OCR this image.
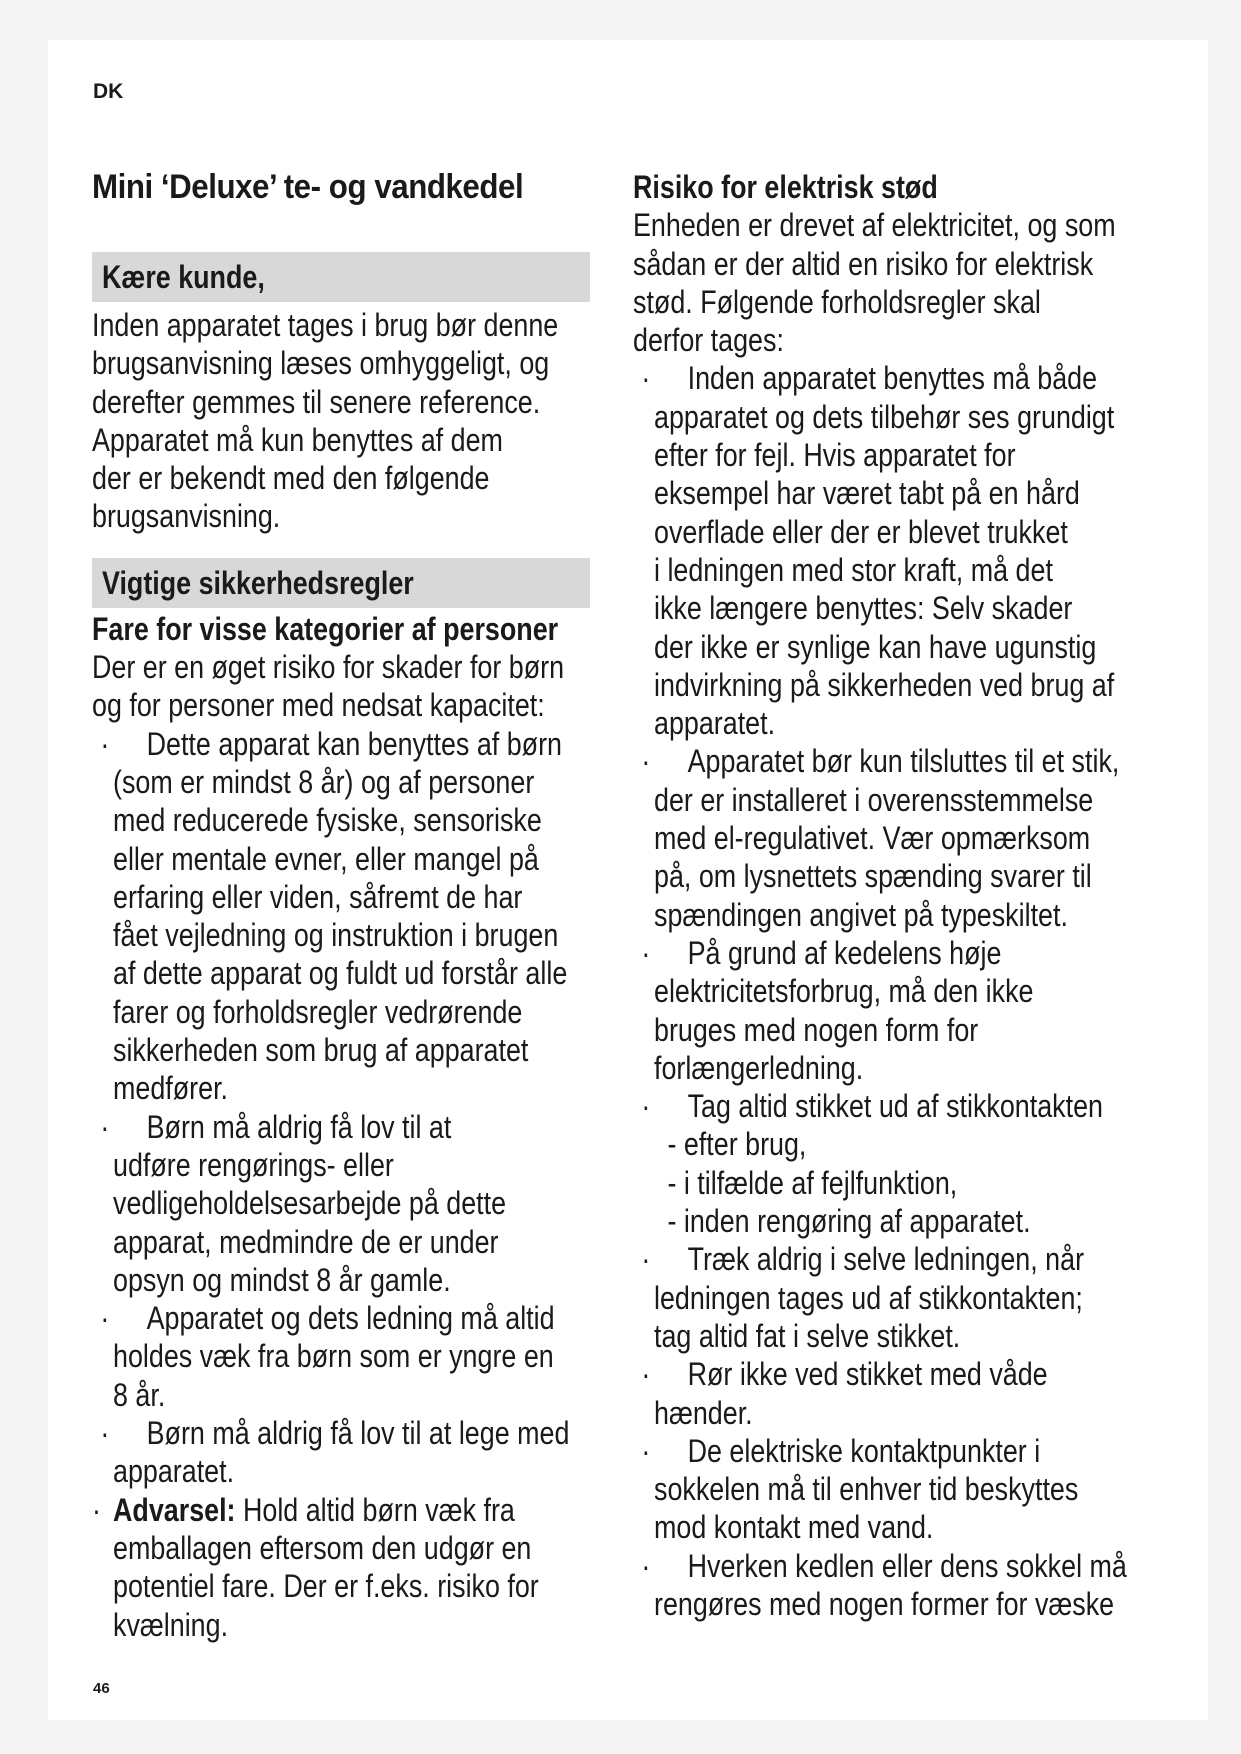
DK

Mini ‘Deluxe’ te- og vandkedel
Kære kunde,

Inden apparatet tages i brug bør denne

brugsanvisning læses omhyggeligt, og

derefter gemmes til senere reference.

Apparatet må kun benyttes af dem

der er bekendt med den følgende

brugsanvisning.

Vigtige sikkerhedsregler

Fare for visse kategorier af personer

Der er en øget risiko for skader for børn

og for personer med nedsat kapacitet:

·	Dette apparat kan benyttes af børn

(som er mindst 8 år) og af personer

med reducerede fysiske, sensoriske

eller mentale evner, eller mangel på

erfaring eller viden, såfremt de har

fået vejledning og instruktion i brugen

af dette apparat og fuldt ud forstår alle

farer og forholdsregler vedrørende

sikkerheden som brug af apparatet

medfører.

·	Børn må aldrig få lov til at

udføre rengørings- eller

vedligeholdelsesarbejde på dette

apparat, medmindre de er under

opsyn og mindst 8 år gamle.

·	Apparatet og dets ledning må altid

holdes væk fra børn som er yngre en

8 år.

·	Børn må aldrig få lov til at lege med

apparatet.

· Advarsel: Hold altid børn væk fra

emballagen eftersom den udgør en

potentiel fare. Der er f.eks. risiko for

kvælning.

Risiko for elektrisk stød

Enheden er drevet af elektricitet, og som

sådan er der altid en risiko for elektrisk

stød. Følgende forholdsregler skal

derfor tages:

·	Inden apparatet benyttes må både

apparatet og dets tilbehør ses grundigt

efter for fejl. Hvis apparatet for

eksempel har været tabt på en hård

overflade eller der er blevet trukket

i ledningen med stor kraft, må det

ikke længere benyttes: Selv skader

der ikke er synlige kan have ugunstig

indvirkning på sikkerheden ved brug af

apparatet.

·	Apparatet bør kun tilsluttes til et stik,

der er installeret i overensstemmelse

med el-regulativet. Vær opmærksom

på, om lysnettets spænding svarer til

spændingen angivet på typeskiltet.

·	På grund af kedelens høje

elektricitetsforbrug, må den ikke

bruges med nogen form for

forlængerledning.

·	Tag altid stikket ud af stikkontakten

- efter brug,

- i tilfælde af fejlfunktion,

- inden rengøring af apparatet.

·	Træk aldrig i selve ledningen, når

ledningen tages ud af stikkontakten;

tag altid fat i selve stikket.

·	Rør ikke ved stikket med våde

hænder.

·	De elektriske kontaktpunkter i

sokkelen må til enhver tid beskyttes

mod kontakt med vand.

·	Hverken kedlen eller dens sokkel må

rengøres med nogen former for væske

46
